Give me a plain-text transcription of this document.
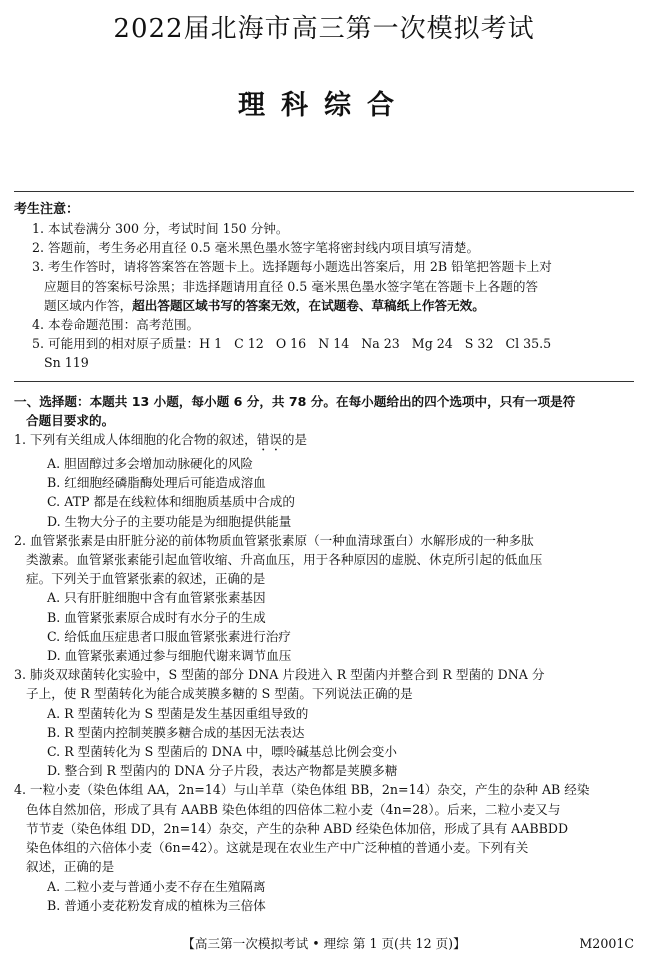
2022届北海市高三第一次模拟考试
理科综合
考生注意：
1. 本试卷满分 300 分，考试时间 150 分钟。
2. 答题前，考生务必用直径 0.5 毫米黑色墨水签字笔将密封线内项目填写清楚。
3. 考生作答时，请将答案答在答题卡上。选择题每小题选出答案后，用 2B 铅笔把答题卡上对
应题目的答案标号涂黑；非选择题请用直径 0.5 毫米黑色墨水签字笔在答题卡上各题的答
题区域内作答，超出答题区域书写的答案无效，在试题卷、草稿纸上作答无效。
4. 本卷命题范围：高考范围。
5. 可能用到的相对原子质量：H 1   C 12   O 16   N 14   Na 23   Mg 24   S 32   Cl 35.5
Sn 119
一、选择题：本题共 13 小题，每小题 6 分，共 78 分。在每小题给出的四个选项中，只有一项是符
合题目要求的。
1. 下列有关组成人体细胞的化合物的叙述，错误的是
A. 胆固醇过多会增加动脉硬化的风险
B. 红细胞经磷脂酶处理后可能造成溶血
C. ATP 都是在线粒体和细胞质基质中合成的
D. 生物大分子的主要功能是为细胞提供能量
2. 血管紧张素是由肝脏分泌的前体物质血管紧张素原（一种血清球蛋白）水解形成的一种多肽
类激素。血管紧张素能引起血管收缩、升高血压，用于各种原因的虚脱、休克所引起的低血压
症。下列关于血管紧张素的叙述，正确的是
A. 只有肝脏细胞中含有血管紧张素基因
B. 血管紧张素原合成时有水分子的生成
C. 给低血压症患者口服血管紧张素进行治疗
D. 血管紧张素通过参与细胞代谢来调节血压
3. 肺炎双球菌转化实验中，S 型菌的部分 DNA 片段进入 R 型菌内并整合到 R 型菌的 DNA 分
子上，使 R 型菌转化为能合成荚膜多糖的 S 型菌。下列说法正确的是
A. R 型菌转化为 S 型菌是发生基因重组导致的
B. R 型菌内控制荚膜多糖合成的基因无法表达
C. R 型菌转化为 S 型菌后的 DNA 中，嘌呤碱基总比例会变小
D. 整合到 R 型菌内的 DNA 分子片段，表达产物都是荚膜多糖
4. 一粒小麦（染色体组 AA，2n=14）与山羊草（染色体组 BB，2n=14）杂交，产生的杂种 AB 经染
色体自然加倍，形成了具有 AABB 染色体组的四倍体二粒小麦（4n=28）。后来，二粒小麦又与
节节麦（染色体组 DD，2n=14）杂交，产生的杂种 ABD 经染色体加倍，形成了具有 AABBDD
染色体组的六倍体小麦（6n=42）。这就是现在农业生产中广泛种植的普通小麦。下列有关
叙述，正确的是
A. 二粒小麦与普通小麦不存在生殖隔离
B. 普通小麦花粉发育成的植株为三倍体
【高三第一次模拟考试 • 理综 第 1 页(共 12 页)】	M2001C
